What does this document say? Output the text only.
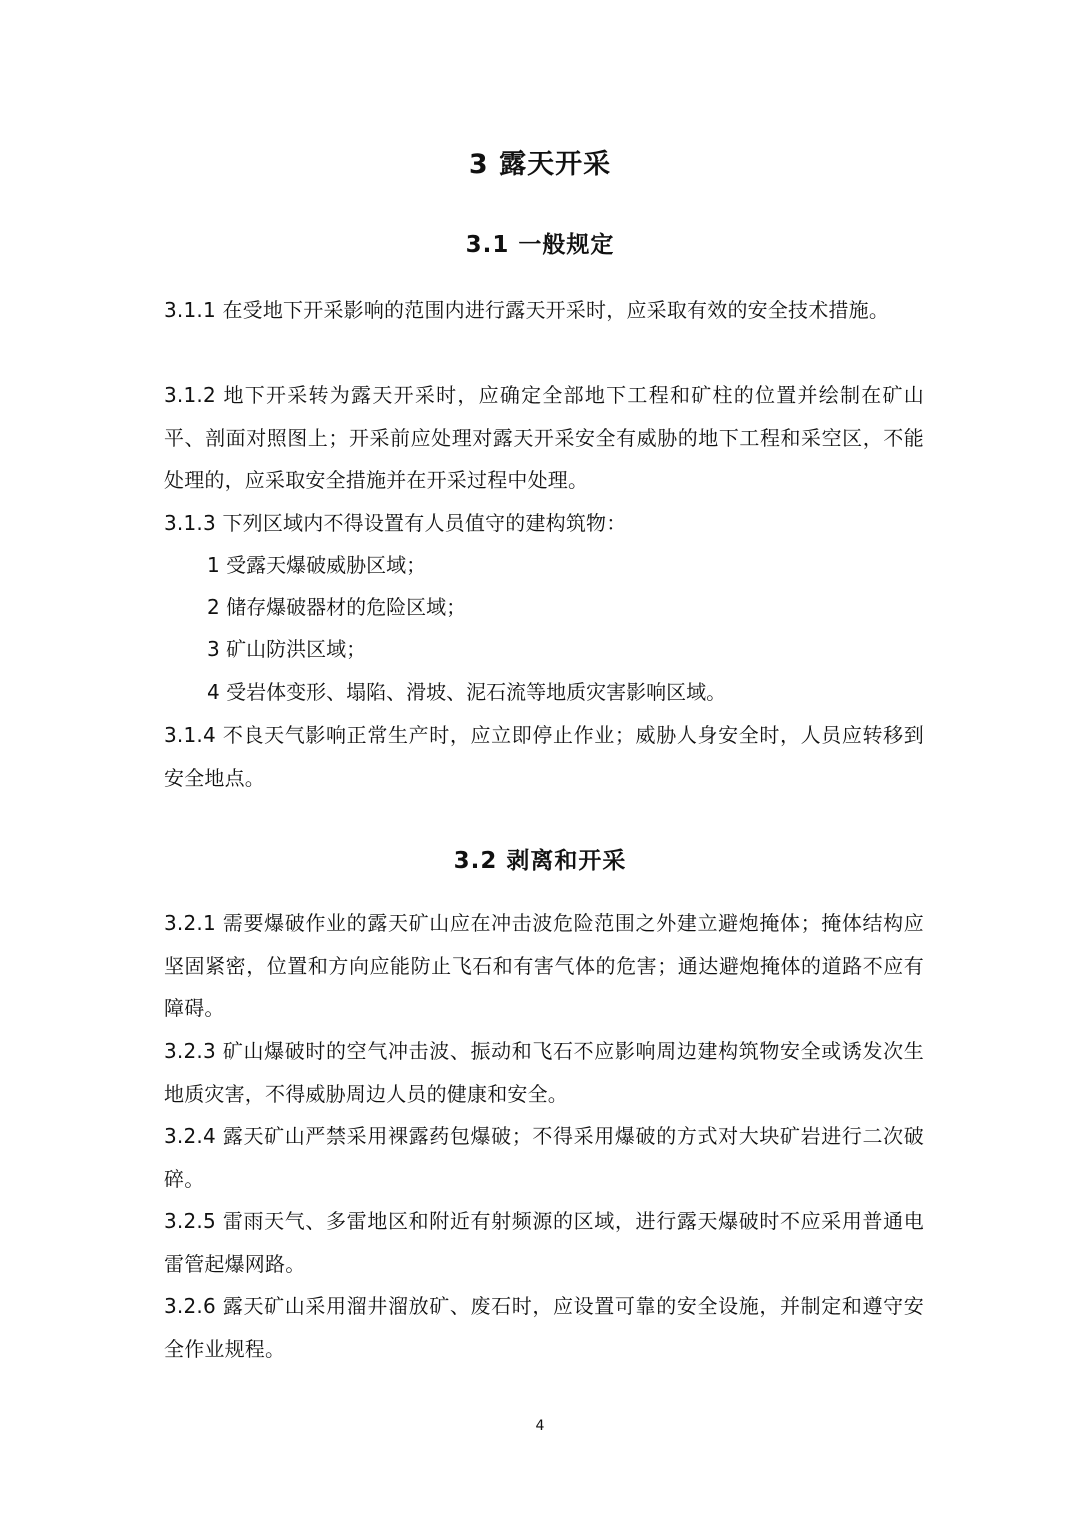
3 露天开采
3.1 一般规定
3.1.1 在受地下开采影响的范围内进行露天开采时，应采取有效的安全技术措施。
3.1.2 地下开采转为露天开采时，应确定全部地下工程和矿柱的位置并绘制在矿山平、剖面对照图上；开采前应处理对露天开采安全有威胁的地下工程和采空区，不能处理的，应采取安全措施并在开采过程中处理。
3.1.3 下列区域内不得设置有人员值守的建构筑物：
1 受露天爆破威胁区域；
2 储存爆破器材的危险区域；
3 矿山防洪区域；
4 受岩体变形、塌陷、滑坡、泥石流等地质灾害影响区域。
3.1.4 不良天气影响正常生产时，应立即停止作业；威胁人身安全时，人员应转移到安全地点。
3.2 剥离和开采
3.2.1 需要爆破作业的露天矿山应在冲击波危险范围之外建立避炮掩体；掩体结构应坚固紧密，位置和方向应能防止飞石和有害气体的危害；通达避炮掩体的道路不应有障碍。
3.2.3 矿山爆破时的空气冲击波、振动和飞石不应影响周边建构筑物安全或诱发次生地质灾害，不得威胁周边人员的健康和安全。
3.2.4 露天矿山严禁采用裸露药包爆破；不得采用爆破的方式对大块矿岩进行二次破碎。
3.2.5 雷雨天气、多雷地区和附近有射频源的区域，进行露天爆破时不应采用普通电雷管起爆网路。
3.2.6 露天矿山采用溜井溜放矿、废石时，应设置可靠的安全设施，并制定和遵守安全作业规程。
4
